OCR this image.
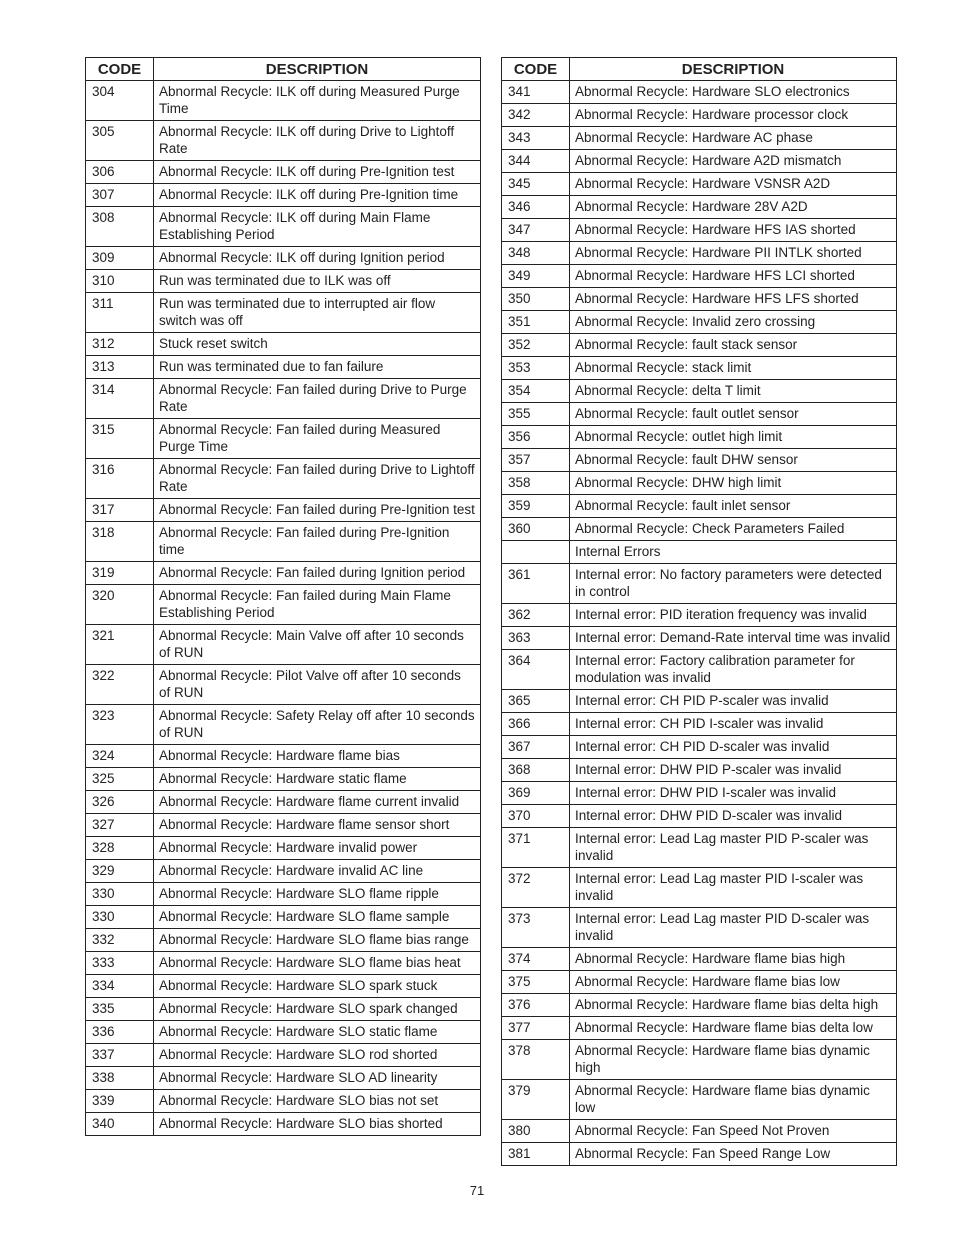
CODE	DESCRIPTION
304	Abnormal Recycle: ILK off during Measured Purge Time
305	Abnormal Recycle: ILK off during Drive to Lightoff Rate
306	Abnormal Recycle: ILK off during Pre-Ignition test
307	Abnormal Recycle: ILK off during Pre-Ignition time
308	Abnormal Recycle: ILK off during Main Flame Establishing Period
309	Abnormal Recycle: ILK off during Ignition period
310	Run was terminated due to ILK was off
311	Run was terminated due to interrupted air flow switch was off
312	Stuck reset switch
313	Run was terminated due to fan failure
314	Abnormal Recycle: Fan failed during Drive to Purge Rate
315	Abnormal Recycle: Fan failed during Measured Purge Time
316	Abnormal Recycle: Fan failed during Drive to Lightoff Rate
317	Abnormal Recycle: Fan failed during Pre-Ignition test
318	Abnormal Recycle: Fan failed during Pre-Ignition time
319	Abnormal Recycle: Fan failed during Ignition period
320	Abnormal Recycle: Fan failed during Main Flame Establishing Period
321	Abnormal Recycle: Main Valve off after 10 seconds of RUN
322	Abnormal Recycle: Pilot Valve off after 10 seconds of RUN
323	Abnormal Recycle: Safety Relay off after 10 seconds of RUN
324	Abnormal Recycle: Hardware flame bias
325	Abnormal Recycle: Hardware static flame
326	Abnormal Recycle: Hardware flame current invalid
327	Abnormal Recycle: Hardware flame sensor short
328	Abnormal Recycle: Hardware invalid power
329	Abnormal Recycle: Hardware invalid AC line
330	Abnormal Recycle: Hardware SLO flame ripple
330	Abnormal Recycle: Hardware SLO flame sample
332	Abnormal Recycle: Hardware SLO flame bias range
333	Abnormal Recycle: Hardware SLO flame bias heat
334	Abnormal Recycle: Hardware SLO spark stuck
335	Abnormal Recycle: Hardware SLO spark changed
336	Abnormal Recycle: Hardware SLO static flame
337	Abnormal Recycle: Hardware SLO rod shorted
338	Abnormal Recycle: Hardware SLO AD linearity
339	Abnormal Recycle: Hardware SLO bias not set
340	Abnormal Recycle: Hardware SLO bias shorted
CODE	DESCRIPTION
341	Abnormal Recycle: Hardware SLO electronics
342	Abnormal Recycle: Hardware processor clock
343	Abnormal Recycle: Hardware AC phase
344	Abnormal Recycle: Hardware A2D mismatch
345	Abnormal Recycle: Hardware VSNSR A2D
346	Abnormal Recycle: Hardware 28V A2D
347	Abnormal Recycle: Hardware HFS IAS shorted
348	Abnormal Recycle: Hardware PII INTLK shorted
349	Abnormal Recycle: Hardware HFS LCI shorted
350	Abnormal Recycle: Hardware HFS LFS shorted
351	Abnormal Recycle: Invalid zero crossing
352	Abnormal Recycle: fault stack sensor
353	Abnormal Recycle: stack limit
354	Abnormal Recycle: delta T limit
355	Abnormal Recycle: fault outlet sensor
356	Abnormal Recycle: outlet high limit
357	Abnormal Recycle: fault DHW sensor
358	Abnormal Recycle: DHW high limit
359	Abnormal Recycle: fault inlet sensor
360	Abnormal Recycle: Check Parameters Failed
	Internal Errors
361	Internal error: No factory parameters were detected in control
362	Internal error: PID iteration frequency was invalid
363	Internal error: Demand-Rate interval time was invalid
364	Internal error: Factory calibration parameter for modulation was invalid
365	Internal error: CH PID P-scaler was invalid
366	Internal error: CH PID I-scaler was invalid
367	Internal error: CH PID D-scaler was invalid
368	Internal error: DHW PID P-scaler was invalid
369	Internal error: DHW PID I-scaler was invalid
370	Internal error: DHW PID D-scaler was invalid
371	Internal error: Lead Lag master PID P-scaler was invalid
372	Internal error: Lead Lag master PID I-scaler was invalid
373	Internal error: Lead Lag master PID D-scaler was invalid
374	Abnormal Recycle: Hardware flame bias high
375	Abnormal Recycle: Hardware flame bias low
376	Abnormal Recycle: Hardware flame bias delta high
377	Abnormal Recycle: Hardware flame bias delta low
378	Abnormal Recycle: Hardware flame bias dynamic high
379	Abnormal Recycle: Hardware flame bias dynamic low
380	Abnormal Recycle: Fan Speed Not Proven
381	Abnormal Recycle: Fan Speed Range Low
71
